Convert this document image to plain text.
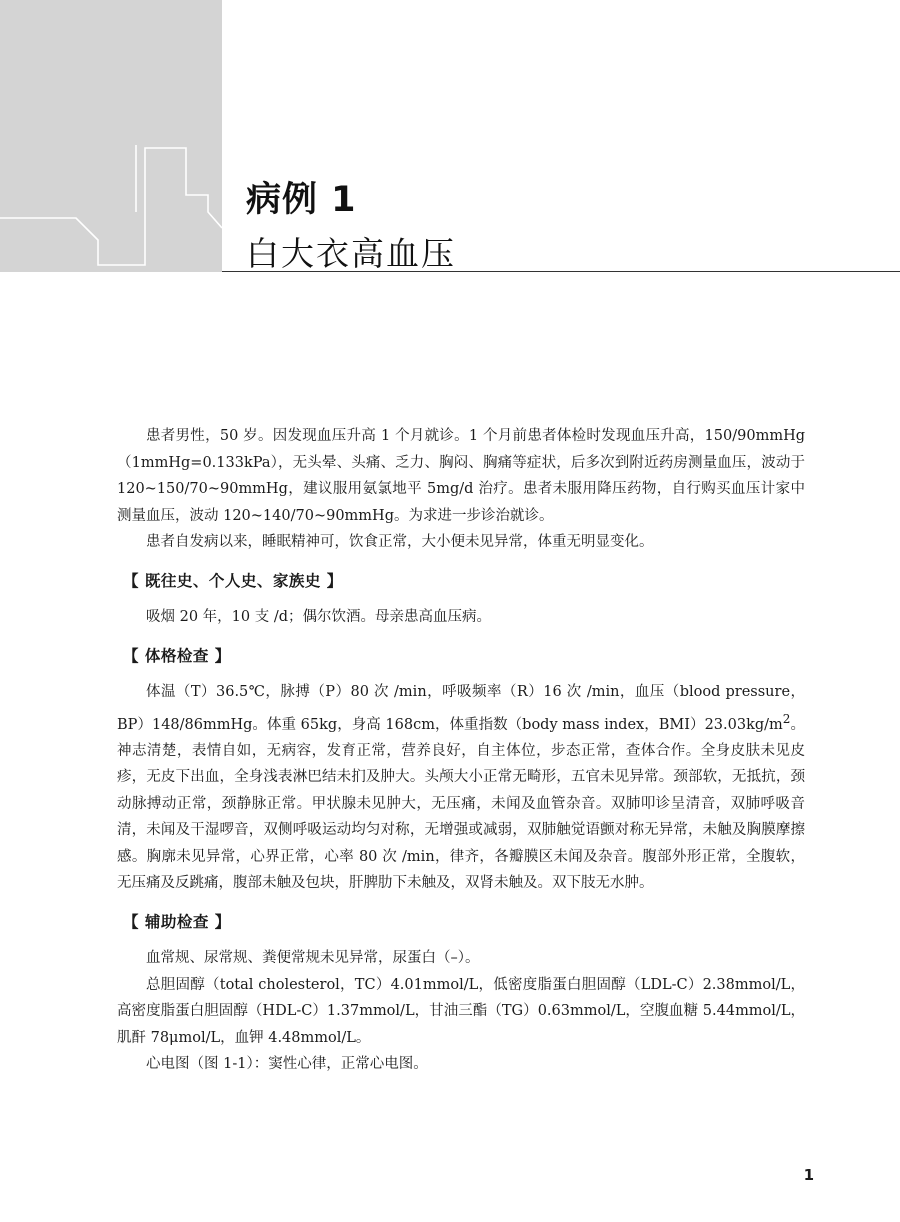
病例 1
白大衣高血压

患者男性，50 岁。因发现血压升高 1 个月就诊。1 个月前患者体检时发现血压升高，150/90mmHg（1mmHg=0.133kPa），无头晕、头痛、乏力、胸闷、胸痛等症状，后多次到附近药房测量血压，波动于 120~150/70~90mmHg，建议服用氨氯地平 5mg/d 治疗。患者未服用降压药物，自行购买血压计家中测量血压，波动 120~140/70~90mmHg。为求进一步诊治就诊。

患者自发病以来，睡眠精神可，饮食正常，大小便未见异常，体重无明显变化。

【 既往史、个人史、家族史 】

吸烟 20 年，10 支 /d；偶尔饮酒。母亲患高血压病。

【 体格检查 】

体温（T）36.5℃，脉搏（P）80 次 /min，呼吸频率（R）16 次 /min，血压（blood pressure，BP）148/86mmHg。体重 65kg，身高 168cm，体重指数（body mass index，$BMI)23.03kg/m^2$。神志清楚，表情自如，无病容，发育正常，营养良好，自主体位，步态正常，查体合作。全身皮肤未见皮疹，无皮下出血，全身浅表淋巴结未扪及肿大。头颅大小正常无畸形，五官未见异常。颈部软，无抵抗，颈动脉搏动正常，颈静脉正常。甲状腺未见肿大，无压痛，未闻及血管杂音。双肺叩诊呈清音，双肺呼吸音清，未闻及干湿啰音，双侧呼吸运动均匀对称，无增强或减弱，双肺触觉语颤对称无异常，未触及胸膜摩擦感。胸廓未见异常，心界正常，心率 80 次 /min，律齐，各瓣膜区未闻及杂音。腹部外形正常，全腹软，无压痛及反跳痛，腹部未触及包块，肝脾肋下未触及，双肾未触及。双下肢无水肿。

【 辅助检查 】

血常规、尿常规、粪便常规未见异常，尿蛋白（–）。

总胆固醇（total cholesterol，TC）4.01mmol/L，低密度脂蛋白胆固醇（LDL-C）2.38mmol/L，高密度脂蛋白胆固醇（HDL-C）1.37mmol/L，甘油三酯（TG）0.63mmol/L，空腹血糖 5.44mmol/L，肌酐 78μmol/L，血钾 4.48mmol/L。

心电图（图 1-1）：窦性心律，正常心电图。

1
